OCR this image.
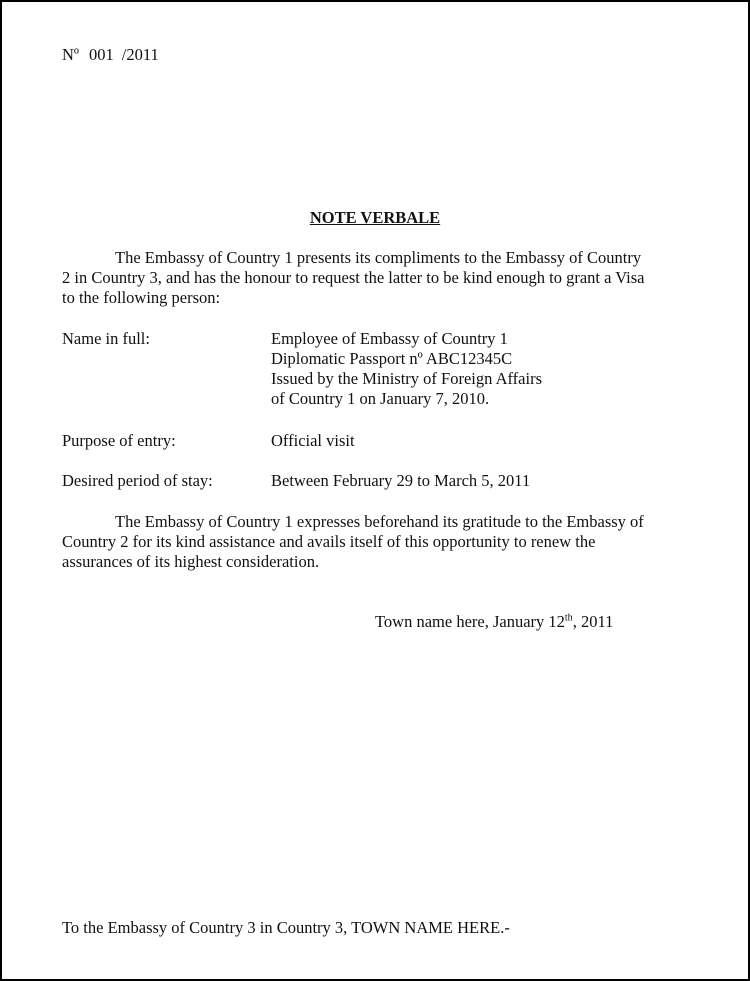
Nº 001 /2011
NOTE VERBALE
The Embassy of Country 1 presents its compliments to the Embassy of Country
2 in Country 3, and has the honour to request the latter to be kind enough to grant a Visa
to the following person:
Name in full:	Employee of Embassy of Country 1
Diplomatic Passport nº ABC12345C
Issued by the Ministry of Foreign Affairs
of Country 1 on January 7, 2010.
Purpose of entry:	Official visit
Desired period of stay:	Between February 29 to March 5, 2011
The Embassy of Country 1 expresses beforehand its gratitude to the Embassy of
Country 2 for its kind assistance and avails itself of this opportunity to renew the
assurances of its highest consideration.
Town name here, January 12th, 2011
To the Embassy of Country 3 in Country 3, TOWN NAME HERE.-
